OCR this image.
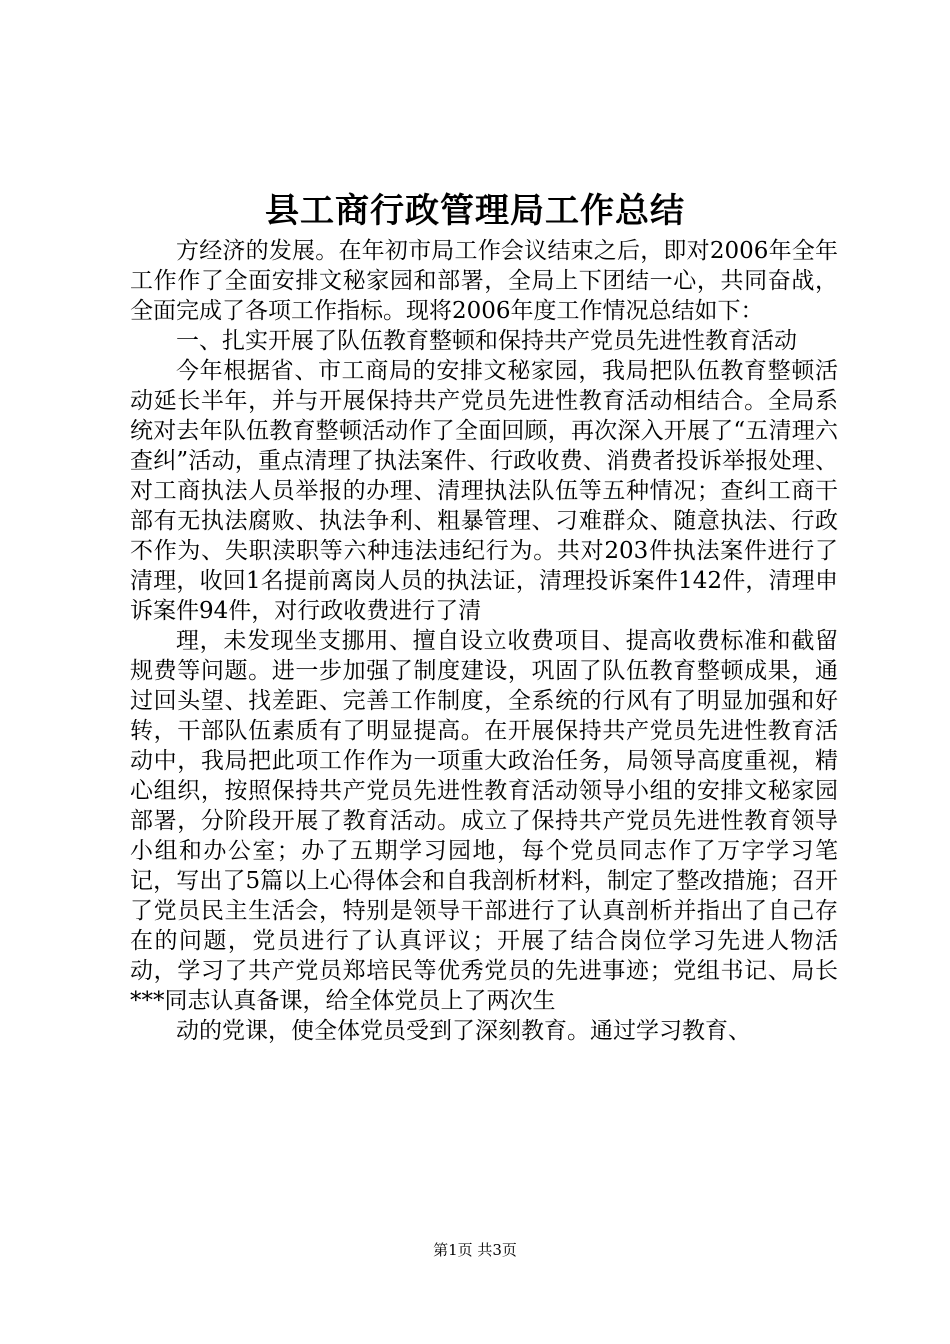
县工商行政管理局工作总结

方经济的发展。在年初市局工作会议结束之后，即对2006年全年工作作了全面安排文秘家园和部署，全局上下团结一心，共同奋战，全面完成了各项工作指标。现将2006年度工作情况总结如下：

一、扎实开展了队伍教育整顿和保持共产党员先进性教育活动

今年根据省、市工商局的安排文秘家园，我局把队伍教育整顿活动延长半年，并与开展保持共产党员先进性教育活动相结合。全局系统对去年队伍教育整顿活动作了全面回顾，再次深入开展了“五清理六查纠”活动，重点清理了执法案件、行政收费、消费者投诉举报处理、对工商执法人员举报的办理、清理执法队伍等五种情况；查纠工商干部有无执法腐败、执法争利、粗暴管理、刁难群众、随意执法、行政不作为、失职渎职等六种违法违纪行为。共对203件执法案件进行了清理，收回1名提前离岗人员的执法证，清理投诉案件142件，清理申诉案件94件，对行政收费进行了清

理，未发现坐支挪用、擅自设立收费项目、提高收费标准和截留规费等问题。进一步加强了制度建设，巩固了队伍教育整顿成果，通过回头望、找差距、完善工作制度，全系统的行风有了明显加强和好转，干部队伍素质有了明显提高。在开展保持共产党员先进性教育活动中，我局把此项工作作为一项重大政治任务，局领导高度重视，精心组织，按照保持共产党员先进性教育活动领导小组的安排文秘家园部署，分阶段开展了教育活动。成立了保持共产党员先进性教育领导小组和办公室；办了五期学习园地，每个党员同志作了万字学习笔记，写出了5篇以上心得体会和自我剖析材料，制定了整改措施；召开了党员民主生活会，特别是领导干部进行了认真剖析并指出了自己存在的问题，党员进行了认真评议；开展了结合岗位学习先进人物活动，学习了共产党员郑培民等优秀党员的先进事迹；党组书记、局长***同志认真备课，给全体党员上了两次生

动的党课，使全体党员受到了深刻教育。通过学习教育、

第1页 共3页
